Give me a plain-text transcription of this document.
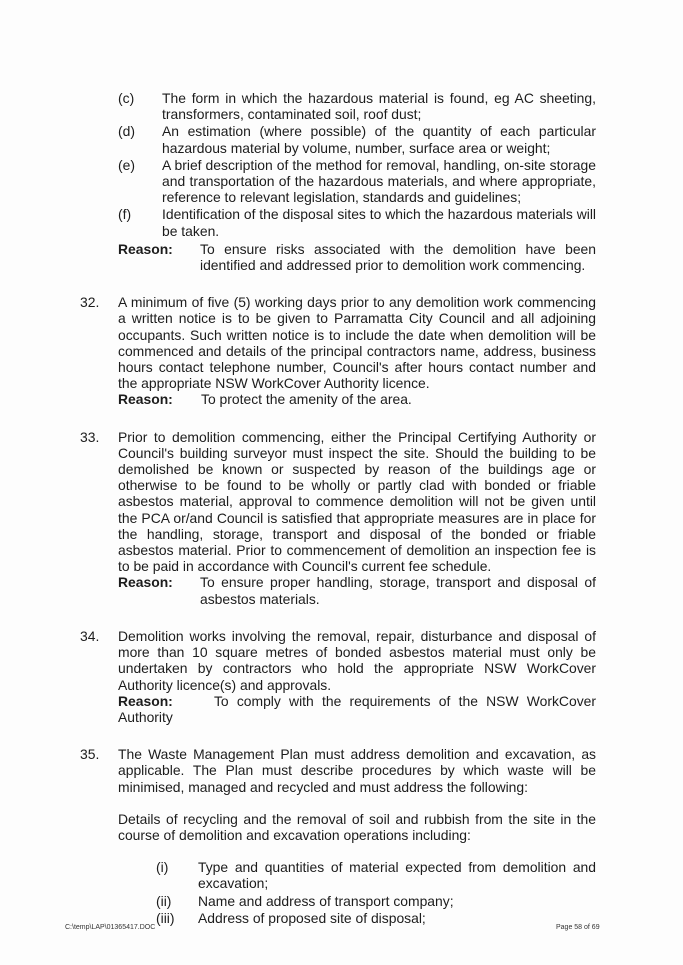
(c)	The form in which the hazardous material is found, eg AC sheeting, transformers, contaminated soil, roof dust;
(d)	An estimation (where possible) of the quantity of each particular hazardous material by volume, number, surface area or weight;
(e)	A brief description of the method for removal, handling, on-site storage and transportation of the hazardous materials, and where appropriate, reference to relevant legislation, standards and guidelines;
(f)	Identification of the disposal sites to which the hazardous materials will be taken.
Reason:	To ensure risks associated with the demolition have been identified and addressed prior to demolition work commencing.
32.	A minimum of five (5) working days prior to any demolition work commencing a written notice is to be given to Parramatta City Council and all adjoining occupants. Such written notice is to include the date when demolition will be commenced and details of the principal contractors name, address, business hours contact telephone number, Council's after hours contact number and the appropriate NSW WorkCover Authority licence.

Reason:	To protect the amenity of the area.
33.	Prior to demolition commencing, either the Principal Certifying Authority or Council's building surveyor must inspect the site. Should the building to be demolished be known or suspected by reason of the buildings age or otherwise to be found to be wholly or partly clad with bonded or friable asbestos material, approval to commence demolition will not be given until the PCA or/and Council is satisfied that appropriate measures are in place for the handling, storage, transport and disposal of the bonded or friable asbestos material. Prior to commencement of demolition an inspection fee is to be paid in accordance with Council's current fee schedule.

Reason:	To ensure proper handling, storage, transport and disposal of asbestos materials.
34.	Demolition works involving the removal, repair, disturbance and disposal of more than 10 square metres of bonded asbestos material must only be undertaken by contractors who hold the appropriate NSW WorkCover Authority licence(s) and approvals.

Reason:	To comply with the requirements of the NSW WorkCover Authority

35.	The Waste Management Plan must address demolition and excavation, as applicable. The Plan must describe procedures by which waste will be minimised, managed and recycled and must address the following:

Details of recycling and the removal of soil and rubbish from the site in the course of demolition and excavation operations including:

(i)	Type and quantities of material expected from demolition and excavation;
(ii)	Name and address of transport company;
(iii)	Address of proposed site of disposal;
C:\temp\LAP\01365417.DOC	Page 58 of 69
